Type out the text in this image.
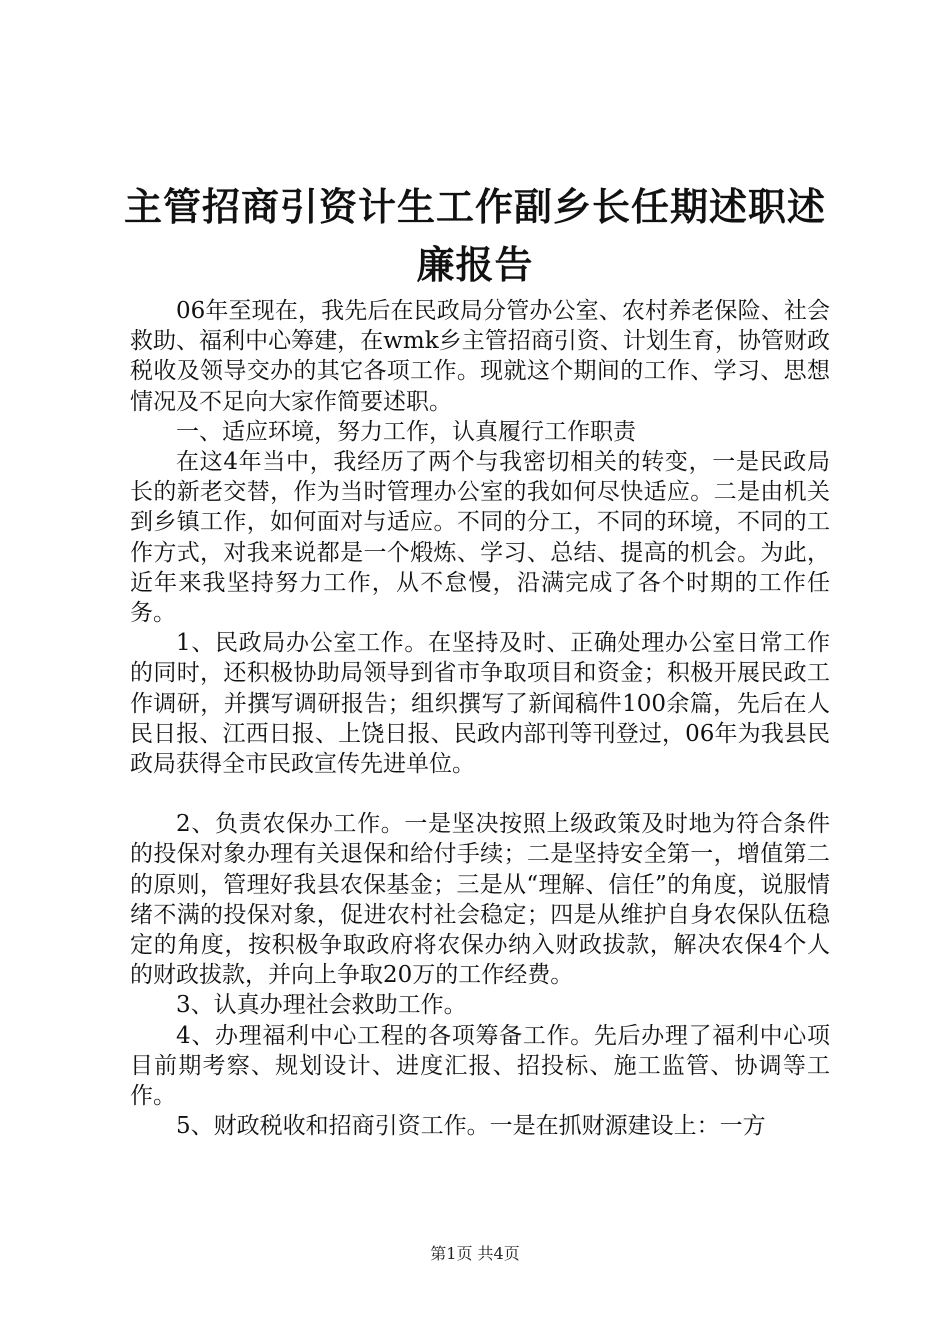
主管招商引资计生工作副乡长任期述职述廉报告

06年至现在，我先后在民政局分管办公室、农村养老保险、社会救助、福利中心筹建，在wmk乡主管招商引资、计划生育，协管财政税收及领导交办的其它各项工作。现就这个期间的工作、学习、思想情况及不足向大家作简要述职。

一、适应环境，努力工作，认真履行工作职责

在这4年当中，我经历了两个与我密切相关的转变，一是民政局长的新老交替，作为当时管理办公室的我如何尽快适应。二是由机关到乡镇工作，如何面对与适应。不同的分工，不同的环境，不同的工作方式，对我来说都是一个煅炼、学习、总结、提高的机会。为此，近年来我坚持努力工作，从不怠慢，沿满完成了各个时期的工作任务。

1、民政局办公室工作。在坚持及时、正确处理办公室日常工作的同时，还积极协助局领导到省市争取项目和资金；积极开展民政工作调研，并撰写调研报告；组织撰写了新闻稿件100余篇，先后在人民日报、江西日报、上饶日报、民政内部刊等刊登过，06年为我县民政局获得全市民政宣传先进单位。

2、负责农保办工作。一是坚决按照上级政策及时地为符合条件的投保对象办理有关退保和给付手续；二是坚持安全第一，增值第二的原则，管理好我县农保基金；三是从“理解、信任”的角度，说服情绪不满的投保对象，促进农村社会稳定；四是从维护自身农保队伍稳定的角度，按积极争取政府将农保办纳入财政拔款，解决农保4个人的财政拔款，并向上争取20万的工作经费。

3、认真办理社会救助工作。

4、办理福利中心工程的各项筹备工作。先后办理了福利中心项目前期考察、规划设计、进度汇报、招投标、施工监管、协调等工作。

5、财政税收和招商引资工作。一是在抓财源建设上：一方

第1页 共4页
